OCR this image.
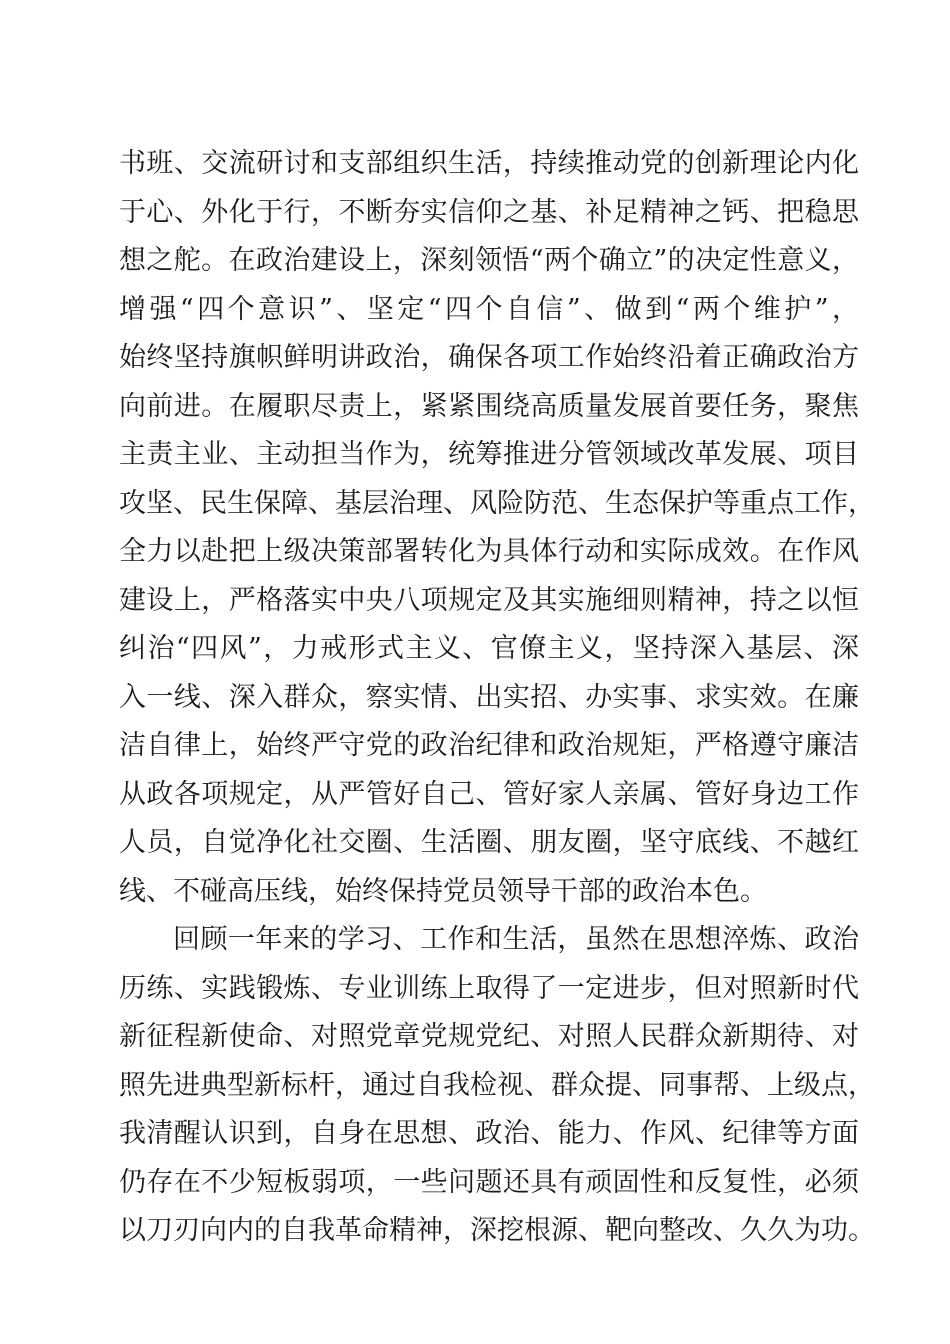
书班、交流研讨和支部组织生活，持续推动党的创新理论内化
于心、外化于行，不断夯实信仰之基、补足精神之钙、把稳思
想之舵。在政治建设上，深刻领悟“两个确立”的决定性意义，
增强“四个意识”、坚定“四个自信”、做到“两个维护”，
始终坚持旗帜鲜明讲政治，确保各项工作始终沿着正确政治方
向前进。在履职尽责上，紧紧围绕高质量发展首要任务，聚焦
主责主业、主动担当作为，统筹推进分管领域改革发展、项目
攻坚、民生保障、基层治理、风险防范、生态保护等重点工作，
全力以赴把上级决策部署转化为具体行动和实际成效。在作风
建设上，严格落实中央八项规定及其实施细则精神，持之以恒
纠治“四风”，力戒形式主义、官僚主义，坚持深入基层、深
入一线、深入群众，察实情、出实招、办实事、求实效。在廉
洁自律上，始终严守党的政治纪律和政治规矩，严格遵守廉洁
从政各项规定，从严管好自己、管好家人亲属、管好身边工作
人员，自觉净化社交圈、生活圈、朋友圈，坚守底线、不越红
线、不碰高压线，始终保持党员领导干部的政治本色。
回顾一年来的学习、工作和生活，虽然在思想淬炼、政治
历练、实践锻炼、专业训练上取得了一定进步，但对照新时代
新征程新使命、对照党章党规党纪、对照人民群众新期待、对
照先进典型新标杆，通过自我检视、群众提、同事帮、上级点，
我清醒认识到，自身在思想、政治、能力、作风、纪律等方面
仍存在不少短板弱项，一些问题还具有顽固性和反复性，必须
以刀刃向内的自我革命精神，深挖根源、靶向整改、久久为功。
